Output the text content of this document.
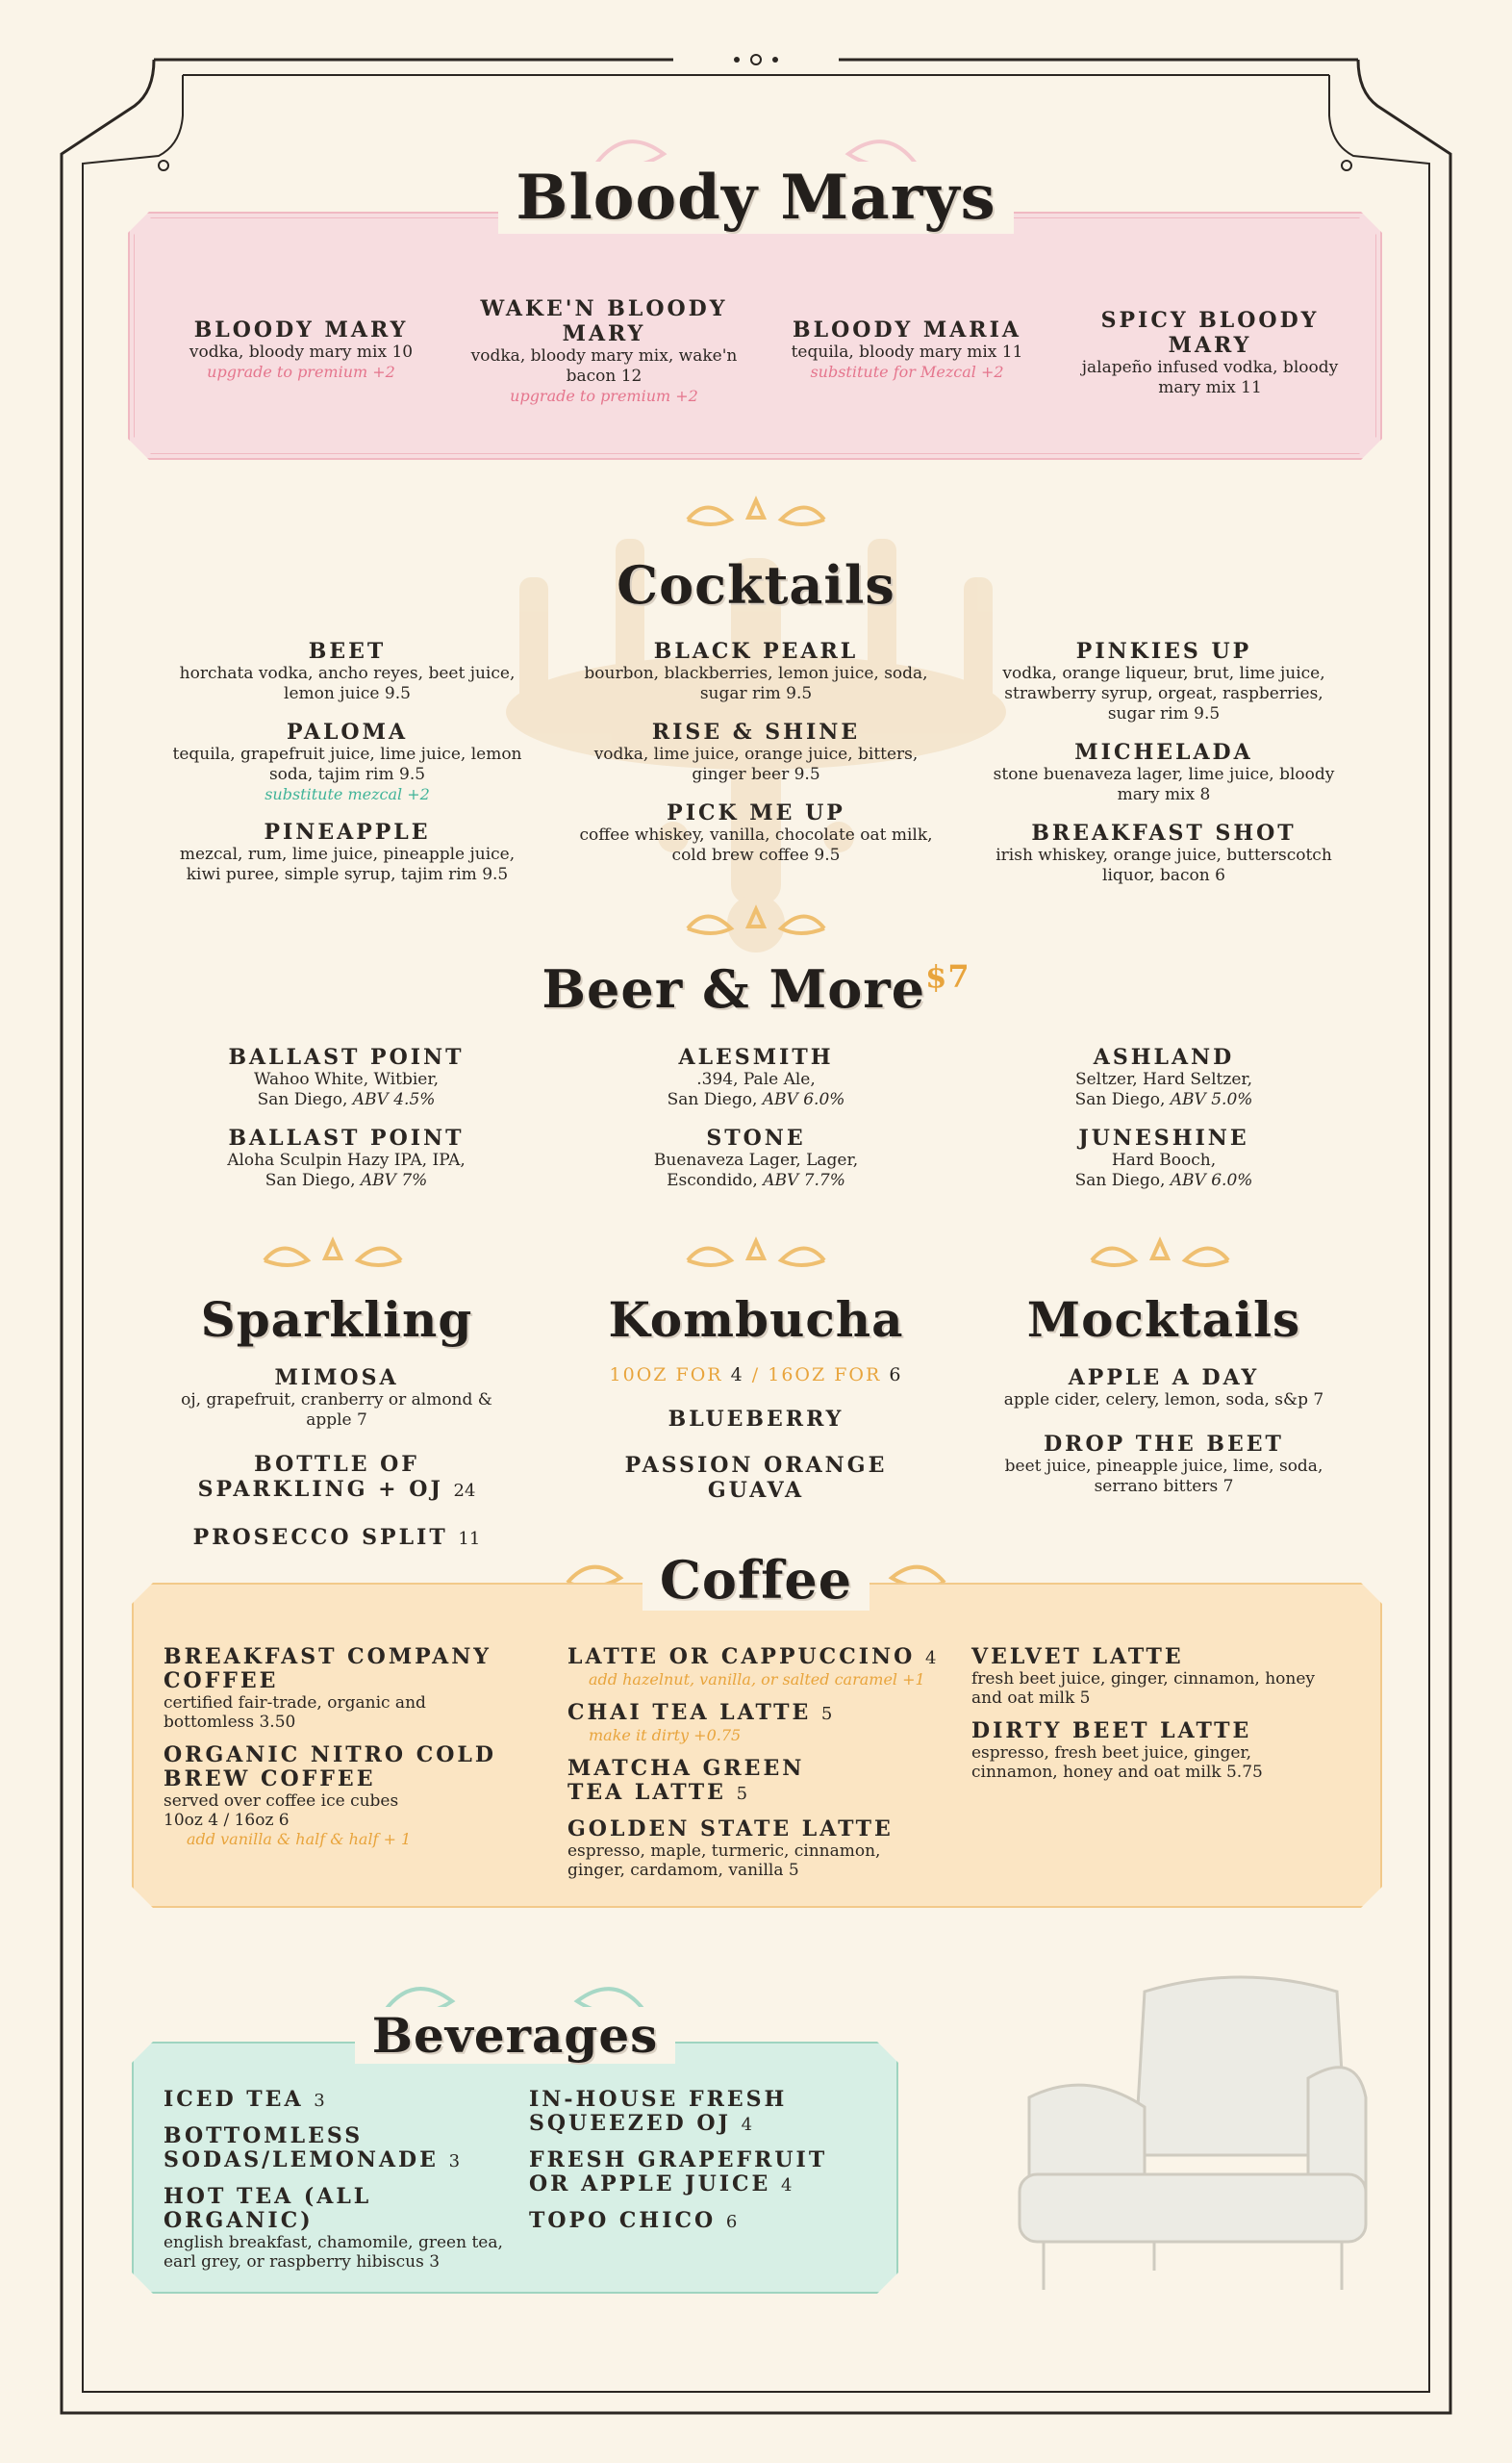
Bloody Marys
BLOODY MARY
vodka, bloody mary mix 10
upgrade to premium +2
WAKE'N BLOODY MARY
vodka, bloody mary mix, wake'n bacon 12
upgrade to premium +2
BLOODY MARIA
tequila, bloody mary mix 11
substitute for Mezcal +2
SPICY BLOODY MARY
jalapeño infused vodka, bloody mary mix 11
Cocktails
BEET
horchata vodka, ancho reyes, beet juice, lemon juice 9.5
PALOMA
tequila, grapefruit juice, lime juice, lemon soda, tajim rim 9.5
substitute mezcal +2
PINEAPPLE
mezcal, rum, lime juice, pineapple juice, kiwi puree, simple syrup, tajim rim 9.5
BLACK PEARL
bourbon, blackberries, lemon juice, soda, sugar rim 9.5
RISE & SHINE
vodka, lime juice, orange juice, bitters, ginger beer 9.5
PICK ME UP
coffee whiskey, vanilla, chocolate oat milk, cold brew coffee 9.5
PINKIES UP
vodka, orange liqueur, brut, lime juice, strawberry syrup, orgeat, raspberries, sugar rim 9.5
MICHELADA
stone buenaveza lager, lime juice, bloody mary mix 8
BREAKFAST SHOT
irish whiskey, orange juice, butterscotch liquor, bacon 6
Beer & More$^{\$7}$
BALLAST POINT
Wahoo White, Witbier,
San Diego, ABV 4.5%
BALLAST POINT
Aloha Sculpin Hazy IPA, IPA,
San Diego, ABV 7%
ALESMITH
.394, Pale Ale,
San Diego, ABV 6.0%
STONE
Buenaveza Lager, Lager,
Escondido, ABV 7.7%
ASHLAND
Seltzer, Hard Seltzer,
San Diego, ABV 5.0%
JUNESHINE
Hard Booch,
San Diego, ABV 6.0%
Sparkling
MIMOSA
oj, grapefruit, cranberry or almond & apple 7
BOTTLE OF SPARKLING + OJ 24
PROSECCO SPLIT 11
Kombucha
10OZ FOR 4 / 16OZ FOR 6
BLUEBERRY
PASSION ORANGE GUAVA
Mocktails
APPLE A DAY
apple cider, celery, lemon, soda, s&p 7
DROP THE BEET
beet juice, pineapple juice, lime, soda, serrano bitters 7
Coffee
BREAKFAST COMPANY COFFEE
certified fair-trade, organic and bottomless 3.50
ORGANIC NITRO COLD BREW COFFEE
served over coffee ice cubes
10oz 4 / 16oz 6
add vanilla & half & half + 1
LATTE OR CAPPUCCINO 4
add hazelnut, vanilla, or salted caramel +1
CHAI TEA LATTE 5
make it dirty +0.75
MATCHA GREEN TEA LATTE 5
GOLDEN STATE LATTE
espresso, maple, turmeric, cinnamon, ginger, cardamom, vanilla 5
VELVET LATTE
fresh beet juice, ginger, cinnamon, honey and oat milk 5
DIRTY BEET LATTE
espresso, fresh beet juice, ginger, cinnamon, honey and oat milk 5.75
Beverages
ICED TEA 3
BOTTOMLESS SODAS/LEMONADE 3
HOT TEA (ALL ORGANIC)
english breakfast, chamomile, green tea, earl grey, or raspberry hibiscus 3
IN-HOUSE FRESH SQUEEZED OJ 4
FRESH GRAPEFRUIT OR APPLE JUICE 4
TOPO CHICO 6
